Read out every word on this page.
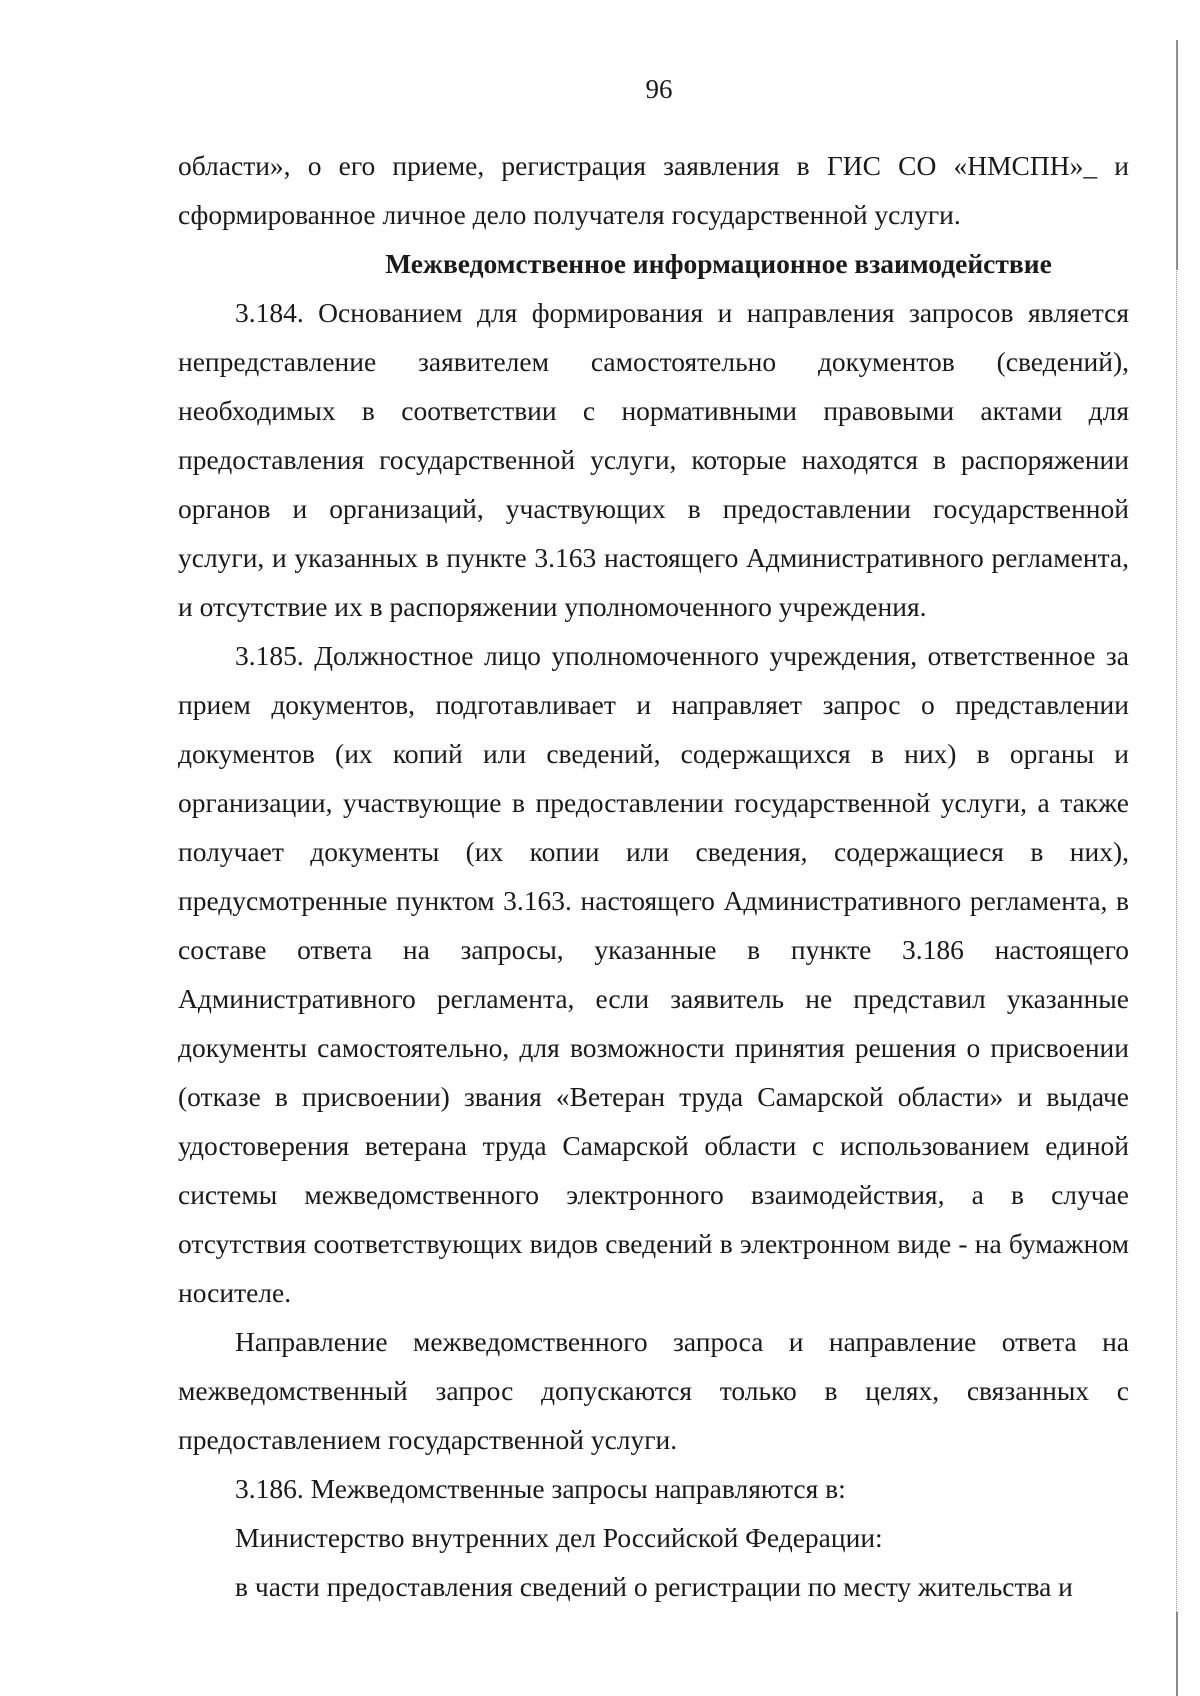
96

области», о его приеме, регистрация заявления в ГИС СО «НМСПН»_ и сформированное личное дело получателя государственной услуги.

Межведомственное информационное взаимодействие

3.184. Основанием для формирования и направления запросов является непредставление заявителем самостоятельно документов (сведений), необходимых в соответствии с нормативными правовыми актами для предоставления государственной услуги, которые находятся в распоряжении органов и организаций, участвующих в предоставлении государственной услуги, и указанных в пункте 3.163 настоящего Административного регламента, и отсутствие их в распоряжении уполномоченного учреждения.

3.185. Должностное лицо уполномоченного учреждения, ответственное за прием документов, подготавливает и направляет запрос о представлении документов (их копий или сведений, содержащихся в них) в органы и организации, участвующие в предоставлении государственной услуги, а также получает документы (их копии или сведения, содержащиеся в них), предусмотренные пунктом 3.163. настоящего Административного регламента, в составе ответа на запросы, указанные в пункте 3.186 настоящего Административного регламента, если заявитель не представил указанные документы самостоятельно, для возможности принятия решения о присвоении (отказе в присвоении) звания «Ветеран труда Самарской области» и выдаче удостоверения ветерана труда Самарской области с использованием единой системы межведомственного электронного взаимодействия, а в случае отсутствия соответствующих видов сведений в электронном виде - на бумажном носителе.

Направление межведомственного запроса и направление ответа на межведомственный запрос допускаются только в целях, связанных с предоставлением государственной услуги.

3.186. Межведомственные запросы направляются в:

Министерство внутренних дел Российской Федерации:

в части предоставления сведений о регистрации по месту жительства и
